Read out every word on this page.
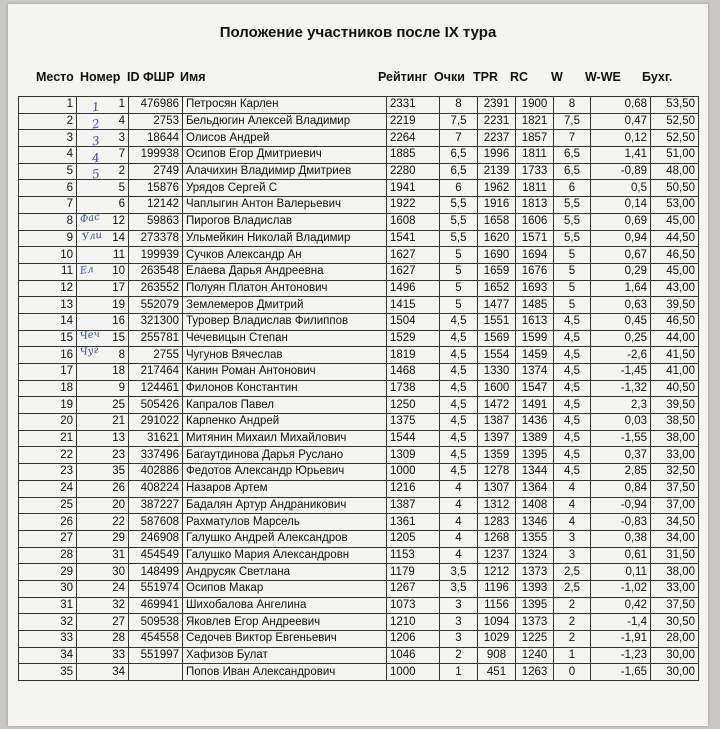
Положение участников после IX тура
Место Номер ID ФШР Имя	Рейтинг Очки TPR RC W W-WE Бухг.
1	1	476986	Петросян Карлен	2331	8	2391	1900	8	0,68	53,50
2	4	2753	Бельдюгин Алексей Владимир	2219	7,5	2231	1821	7,5	0,47	52,50
3	3	18644	Олисов Андрей	2264	7	2237	1857	7	0,12	52,50
4	7	199938	Осипов Егор Дмитриевич	1885	6,5	1996	1811	6,5	1,41	51,00
5	2	2749	Алачихин Владимир Дмитриев	2280	6,5	2139	1733	6,5	-0,89	48,00
6	5	15876	Урядов Сергей С	1941	6	1962	1811	6	0,5	50,50
7	6	12142	Чаплыгин Антон Валерьевич	1922	5,5	1916	1813	5,5	0,14	53,00
8	12	59863	Пирогов Владислав	1608	5,5	1658	1606	5,5	0,69	45,00
9	14	273378	Ульмейкин Николай Владимир	1541	5,5	1620	1571	5,5	0,94	44,50
10	11	199939	Сучков Александр Ан	1627	5	1690	1694	5	0,67	46,50
11	10	263548	Елаева Дарья Андреевна	1627	5	1659	1676	5	0,29	45,00
12	17	263552	Полуян Платон Антонович	1496	5	1652	1693	5	1,64	43,00
13	19	552079	Землемеров Дмитрий	1415	5	1477	1485	5	0,63	39,50
14	16	321300	Туровер Владислав Филиппов	1504	4,5	1551	1613	4,5	0,45	46,50
15	15	255781	Чечевицын Степан	1529	4,5	1569	1599	4,5	0,25	44,00
16	8	2755	Чугунов Вячеслав	1819	4,5	1554	1459	4,5	-2,6	41,50
17	18	217464	Канин Роман Антонович	1468	4,5	1330	1374	4,5	-1,45	41,00
18	9	124461	Филонов Константин	1738	4,5	1600	1547	4,5	-1,32	40,50
19	25	505426	Капралов Павел	1250	4,5	1472	1491	4,5	2,3	39,50
20	21	291022	Карпенко Андрей	1375	4,5	1387	1436	4,5	0,03	38,50
21	13	31621	Митянин Михаил Михайлович	1544	4,5	1397	1389	4,5	-1,55	38,00
22	23	337496	Багаутдинова Дарья Руслано	1309	4,5	1359	1395	4,5	0,37	33,00
23	35	402886	Федотов Александр Юрьевич	1000	4,5	1278	1344	4,5	2,85	32,50
24	26	408224	Назаров Артем	1216	4	1307	1364	4	0,84	37,50
25	20	387227	Бадалян Артур Андраникович	1387	4	1312	1408	4	-0,94	37,00
26	22	587608	Рахматулов Марсель	1361	4	1283	1346	4	-0,83	34,50
27	29	246908	Галушко Андрей Александров	1205	4	1268	1355	3	0,38	34,00
28	31	454549	Галушко Мария Александровн	1153	4	1237	1324	3	0,61	31,50
29	30	148499	Андрусяк Светлана	1179	3,5	1212	1373	2,5	0,11	38,00
30	24	551974	Осипов Макар	1267	3,5	1196	1393	2,5	-1,02	33,00
31	32	469941	Шихобалова Ангелина	1073	3	1156	1395	2	0,42	37,50
32	27	509538	Яковлев Егор Андреевич	1210	3	1094	1373	2	-1,4	30,50
33	28	454558	Седочев Виктор Евгеньевич	1206	3	1029	1225	2	-1,91	28,00
34	33	551997	Хафизов Булат	1046	2	908	1240	1	-1,23	30,00
35	34		Попов Иван Александрович	1000	1	451	1263	0	-1,65	30,00
1
2
3
4
5
Фас
Ули
Ел
Чеч
Чуг
